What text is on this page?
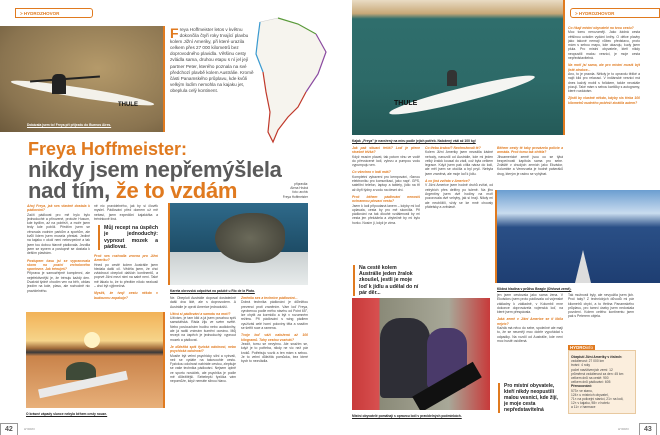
> HYDROZHOVOR
THULE
Dokázala jsem to! Freya při příjezdu do Buenos Aires.
Freya Hoffmeister letos v květnu dokončila čtyři roky trvající plavbu kolem Jižní Ameriky, při které urazila celkem přes 27 000 kilometrů bez doprovodného plavidla. Většinu cesty zvládla sama, druhou etapu s ní jel její partner Peter, kterého poznala na své předchozí plavbě kolem Austrálie. Kromě části Panamského průplavu, kde kvůli velkým lodím nemohla na kajaku jet, obeplula celý kontinent.
Freya Hoffmeister:
nikdy jsem nepřemýšlela
nad tím, že to vzdám	připravila:
Alena Hrubá
foto: archiv
Freya Hoffmeister
Ahoj Freya, jak ses vlastně dostala k pádlování?
Začít pádlovat pro mě bylo bylo jednoduché a přirozené, protože Husum, kde bydlím, až na pobřeží, a moře jsem tedy kde poblíž. Předtím jsem se věnovala vodním parkům a sportům, ale kvůli lidem jsem musela přestat. Jediné na kajaku v okolí není nebezpečné a tak jsem tou dobou hlavně pádlovala. Jezdila jsem se synem a postupně se dostala k delším plavbám.
Postupem času jsi se vypracovala skoro na pozici vrcholového sportovce. Jak trénuješ?
Příprava je samozřejmě komplexní, ale nejefektivnější je, že trénuju každý den. Dvakrát týdně chodím ven na běh, občas jezdím na kole, plavu, ale rozhodně nic pravidelného.
ně nic pravidelného, jak by si člověk myslel. Pádlování před domem už mě nebaví, jsem expediční kajakářka a tréninkově líná.
Můj recept na úspěch je jednoduchý: vypnout mozek a pádlovat.
Proč ses rozhodla zrovna pro Jižní Ameriku?
Hned po cestě kolem Austrálie jsem hledala další cíl. Věděla jsem, že chci zvládnout obeplutí dalších kontinentů, a poprvé Jižní mezi nimi na sabě není. Také mě lákalo to, že to předtím nikdo nezkusil – chci být výjimečná.
Myslíš, že tvoji cestu někdo v budoucnu zopakuje?
Kareta obrovská odpočívá na palubě u Rio de la Plata.
O krásné západy slunce nebyla během cesty nouze.
Ne. Obeplutí Austrálie dopoval dostatečně další dva lidé, ale s doprovodem. A Austrálie je oproti Americe jednodušší.
Užívá si pádlování a samotu na moři?
Užívám, je tam klid a já jsem povahou spíš samotářská. Ráda žiju ve svém světě. Nebo poslouchám hudbu nebo audioknihy, ale já radši vnímám šumění oceánu. Můj recept na úspěch je jednoduchý: vypnout mozek a pádlovat.
Je důležitá spíš fyzická odolnost, nebo psychická odolnost?
Musíte být velmi psychicky silní a vytrvalí, než se vydáte na takovouhle cestu. Fyzickou odolnost nabíráte cestou, zlepšuje se vaše technika pádlování. Nejsem úplně ve sportu nováček, ale psychika je podle mě důležitější. Sebelepší fyzička vám nepomůže, když nemáte silnou hlavu.
Změnila ses a technice pádlování...
Dobrá technika pádlování je důležitou prevencí proti zraněním. Vám loď Freya, vyrobenou podle mého návrhu od Point 65°, lze chytit za kormidlo a být v rozumném režimu. Při pádlování s wing pádlem využíváš celé horní poloviny těla a snažím se šetřit ruce a ramena.
Tvoje loď váží naložená až 100 kilogramů. Tahy cestou vozíváš?
Jezdít, tomu se nevyhnu. Ale snažím se, když je to potřeba, nikdy ne víc než pár kroků. Potřebuju vozík a ten mám s sebou. Je to velmi důležitá pomůcka, bez které bych to nezvládla.
42	HYDRO
THULE
Kajak „Freya" je navržený na míru podle jejích potřeb. Naložený váží až 100 kg!
> HYDROZHOVOR
Co říkají místní obyvatelé na tvou cestu?
Moc tomu nerozumějí. Jako žádná cesta většinou uvádím vydání knihy. O délce plavby jako takové nemají vůbec představu, proto mám s sebou mapu, kde ukazuju, kudy jsem plula. Pro místní obyvatele, kteří nikdy neopustili malou vesnici, je moje cesta nepředstavitelná.
Na moři jsi sama, ale pro místní musíš být jistě atrakce...
Ano, to je pravda. Někdy je to opravdu těžké a najít klid pro relaxaci. V indiánské vesnici má dnes každý mobil s foťákem, takže neustále pózuji. Také mám s sebou kartičky s autogramy, které rozdávám.
Zjistil by vlastně někdo, kdyby sis třeba 100 kilometrů nudného pobřeží zkrátila autem?
Jak pak situaci řešíš? Loď je přece strašně těžká?
Když musím plavat, tak potom vlnu ve vodě do převrácené lodi, vylezu a pumpou vodu vypumpuju ven.
Co všechno v lodi máš?
Kompletní vybavení pro kempování, různou elektroniku pro komunikaci, jako např. GPS, satelitní telefon, laptop a tablety, jídlo na tři až čtyři týdny a vodu na deset dní.
Proč během pádlování nenosíš ochrannou plovací vestu?
Jsem k lodi připoutaná lanem – kdyby mi loď uplavala, cesta by pro mě skončila. Při pádlování na tak dlouhé vzdálenosti by mi vesta jen překážela a zbytečně by mi bylo horko. Nosím ji, když je zima.
Na cestě kolem Austrálie jeden žralok zkoušel, jestli je moje loď k jídlu a udělal do ní pár děr...
Co třeba žraloci? Neohrožovali tě?
Kolem Jižní Ameriky jsem nezažila žádné nehody, narozdíl od Austrálie, kde mi jeden velký žralok kousal do zádi, což byla celkem legrace. Když jsem pak cítila náraz do lodi, ale měl jsem se otočila a byl pryč. Nebyla jsem zraněná, ale moje loď k jídlu.
A co jiná zvířata v Americe?
V Jižní Americe jsem hodně druhů zvířat, od velrybích přes delfíny po tuleně. Na jihu Argentiny jsem dvě hodiny na moři pozorovala dvě velryby, jak si hrají. Nikdy mi ale neublížili, vždy se ke mně chovaly přátelsky a zvědavě.
Během cesty tě taky provázela policie a armáda. Proč tomu tak chtěla?
Jihoamerické země jsou co se týká bezpečnosti kapitola sama pro sebe. Zvláště v chudých zemích jako Ekvádor, Kolumbie a Venezuela je hodně pašeráků drog, kterým je radno se vyhýbat.
Klidná hladina v průlivu Beagle (Ohňová země).
Místní obyvatelé pomáhají s opravou lodi v pravidelných podmínkách.
jen jsem cestovala jako sama žena. V Ekvádoru jsem proto pádlovala od vojenské základny k základně, v Kolumbii mne dokonce doprovázela vojenská loď, na které jsem přespávala.
Jaká země v Jižní Americe se ti líbila nejvíc?
Každá má něco do sebe, společné ale mají to, že se neumějí moc dobře vypořádat s odpadky. Na rozdíl od Austrálie, kde není moc hustě osídlená.
Pro místní obyvatele, kteří nikdy neopustili malou vesnici, kde žijí, je moje cesta nepředstavitelná
Tak možnosti byly, ale nevyužila jsem jich. Proč taky? Z technických důvodů mi pár kilometrů chybí, a to třetina Panamského průplavu, pro tamní úseky jsem nedostala povolení. Kolem celého kontinentu jsem pak s Peterem objela.
HYDROinfo
Obeplutí Jižní Ameriky v číslech:
vzdálenost: 27 000 km
trvání: 4 roky
počet navštívených zemí: 12
průměrná vzdálenost za den: 45 km
celkem dnů na cestě: 900
celkem dnů pádlování: 605
Přenocování:
573× ve stanu,
124× u místních obyvatel,
71× na policejní stanici, 21× na lodi,
12× v kajaku, 98× v hotelu
a 11× v harmace
HYDRO	43
